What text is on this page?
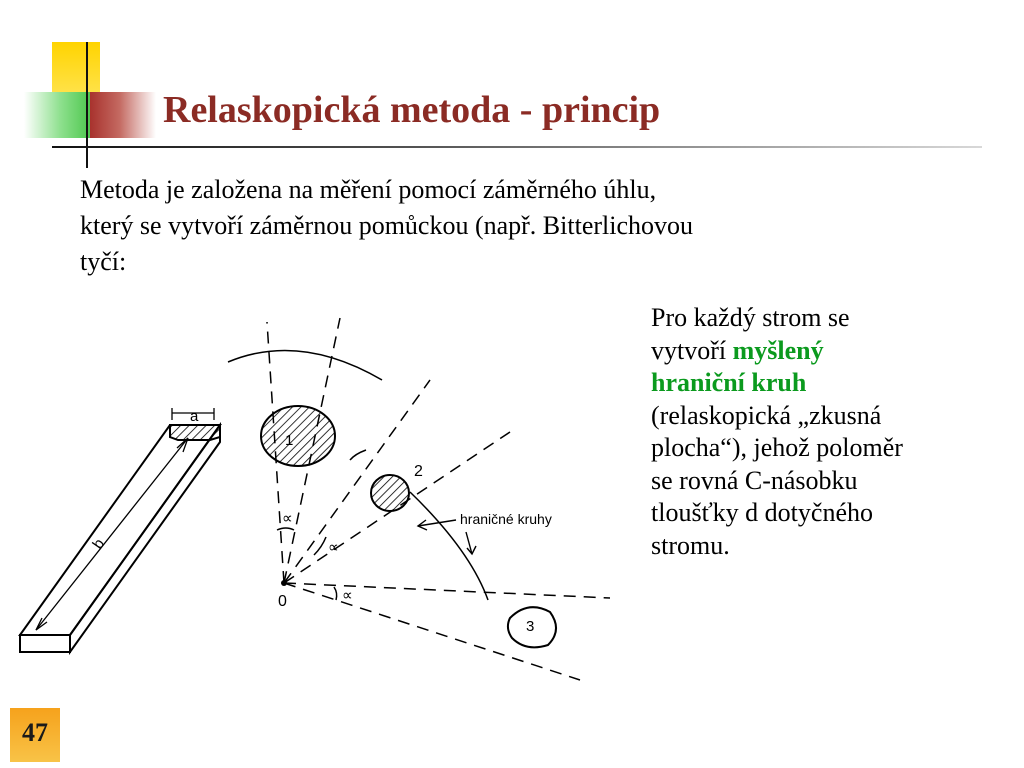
Relaskopická metoda - princip

Metoda je založena na měření pomocí záměrného úhlu,
který se vytvoří záměrnou pomůckou (např. Bitterlichovou
tyčí:

Pro každý strom se
vytvoří myšlený
hraniční kruh
(relaskopická „zkusná
plocha“), jehož poloměr
se rovná C-násobku
tloušťky d dotyčného
stromu.

a
b
1
2
3
∝
∝
∝
0
hraničné kruhy
47
